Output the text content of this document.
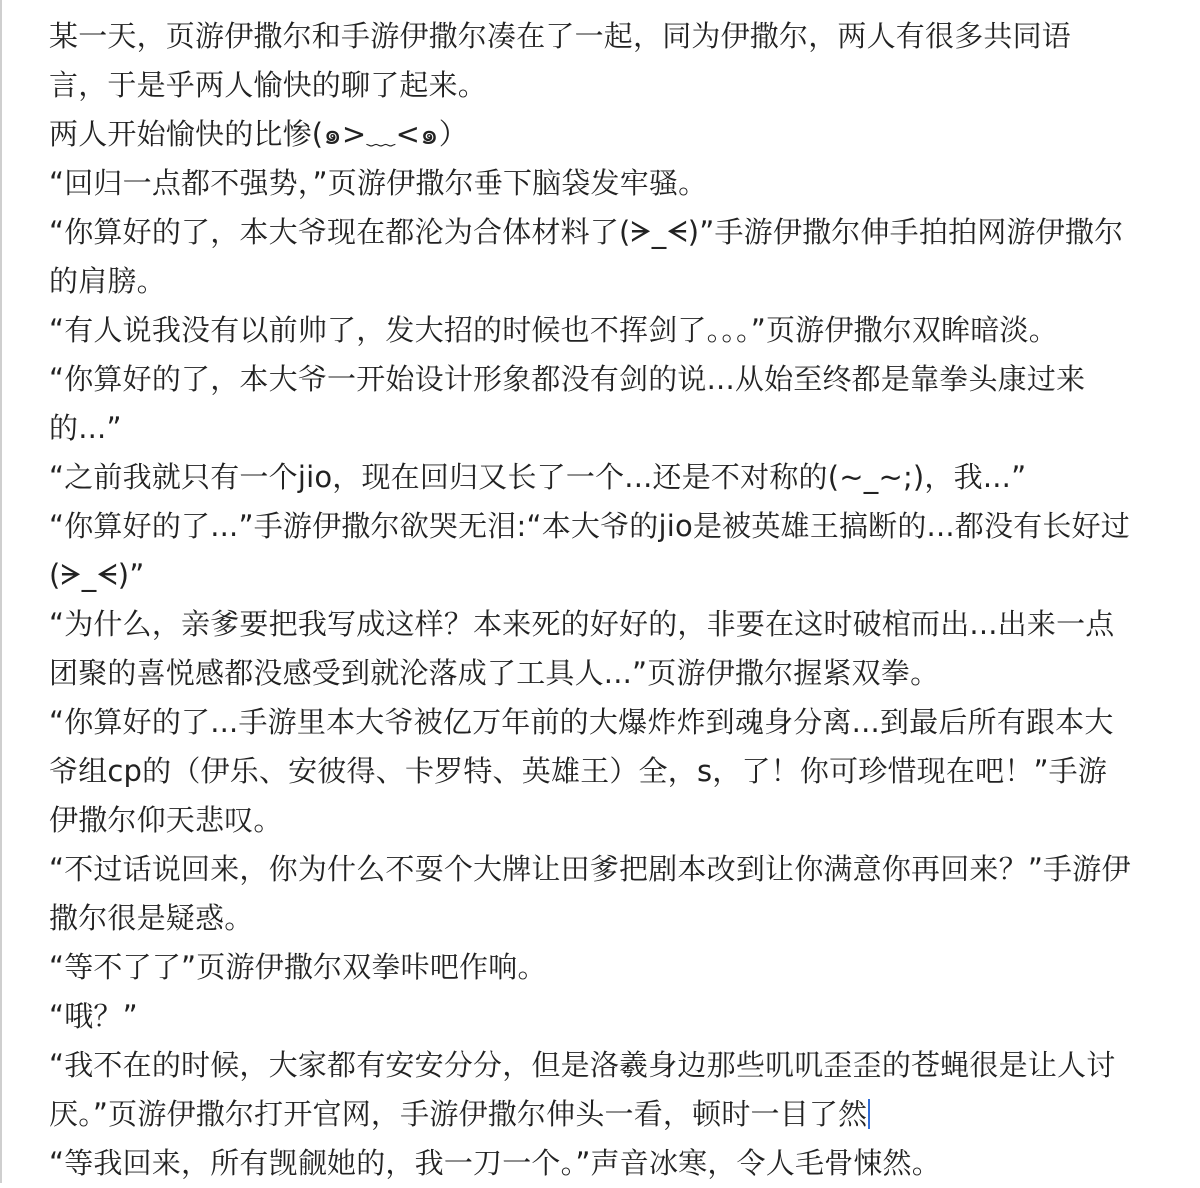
某一天，页游伊撒尔和手游伊撒尔凑在了一起，同为伊撒尔，两人有很多共同语
言，于是乎两人愉快的聊了起来。
两人开始愉快的比惨(๑>﹏<๑）
“回归一点都不强势，”页游伊撒尔垂下脑袋发牢骚。
“你算好的了，本大爷现在都沦为合体材料了(ᗒ_ᗕ)”手游伊撒尔伸手拍拍网游伊撒尔
的肩膀。
“有人说我没有以前帅了，发大招的时候也不挥剑了。。。”页游伊撒尔双眸暗淡。
“你算好的了，本大爷一开始设计形象都没有剑的说...从始至终都是靠拳头康过来
的...”
“之前我就只有一个jio，现在回归又长了一个...还是不对称的(~_~;)，我...”
“你算好的了...”手游伊撒尔欲哭无泪:“本大爷的jio是被英雄王搞断的...都没有长好过
(ᗒ_ᗕ)”
“为什么，亲爹要把我写成这样？本来死的好好的，非要在这时破棺而出...出来一点
团聚的喜悦感都没感受到就沦落成了工具人...”页游伊撒尔握紧双拳。
“你算好的了...手游里本大爷被亿万年前的大爆炸炸到魂身分离...到最后所有跟本大
爷组cp的（伊乐、安彼得、卡罗特、英雄王）全，s，了！你可珍惜现在吧！”手游
伊撒尔仰天悲叹。
“不过话说回来，你为什么不耍个大牌让田爹把剧本改到让你满意你再回来？”手游伊
撒尔很是疑惑。
“等不了了”页游伊撒尔双拳咔吧作响。
“哦？”
“我不在的时候，大家都有安安分分，但是洛羲身边那些叽叽歪歪的苍蝇很是让人讨
厌。”页游伊撒尔打开官网，手游伊撒尔伸头一看，顿时一目了然
“等我回来，所有觊觎她的，我一刀一个。”声音冰寒，令人毛骨悚然。
